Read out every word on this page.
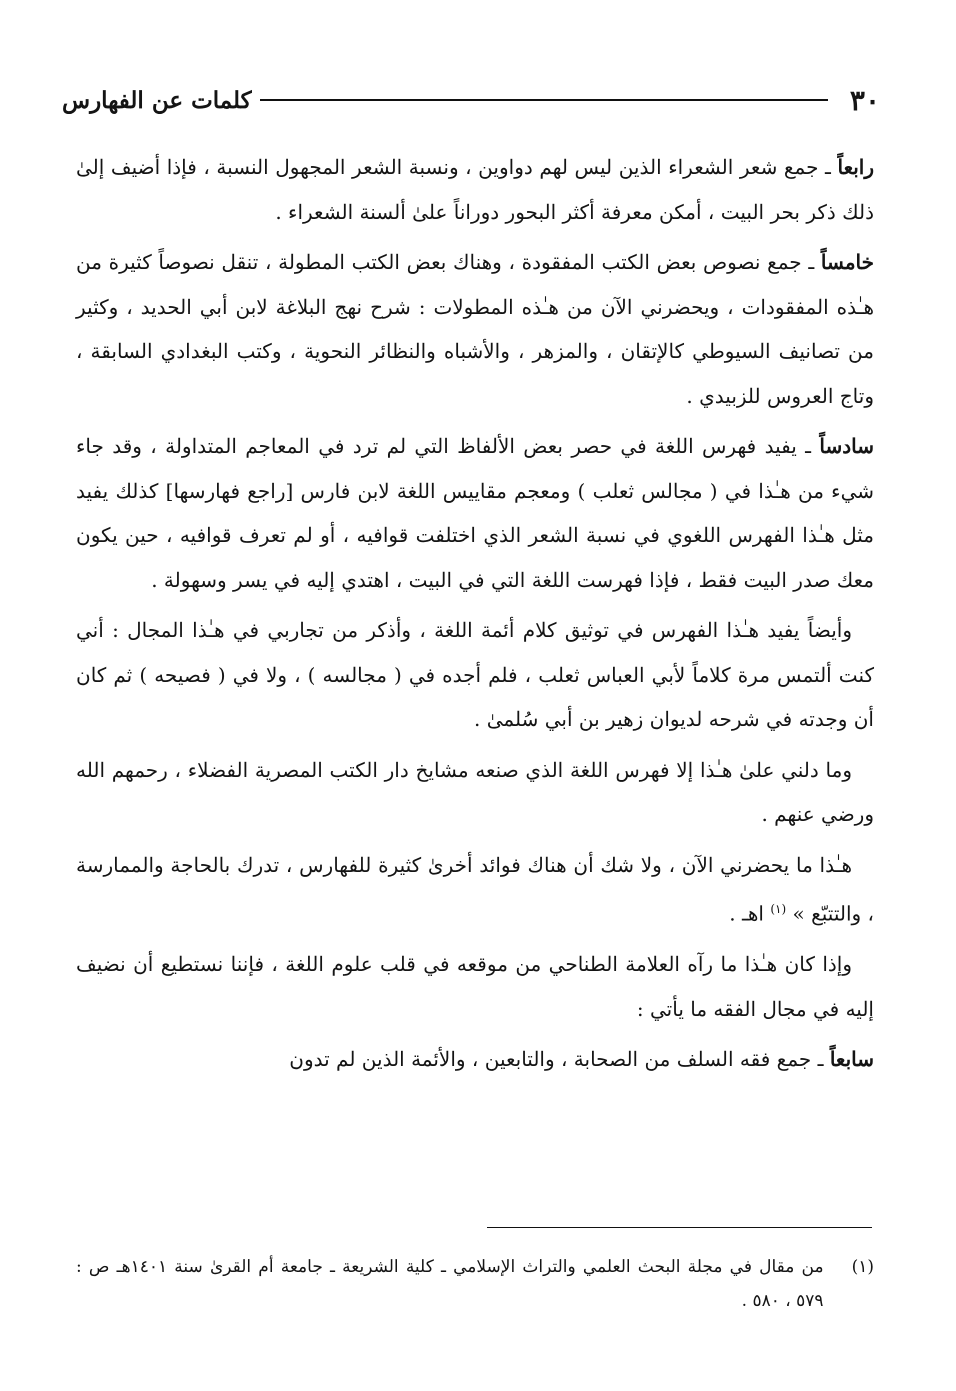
٣٠
كلمات عن الفهارس

رابعاً ـ جمع شعر الشعراء الذين ليس لهم دواوين ، ونسبة الشعر المجهول النسبة ، فإذا أضيف إلىٰ ذلك ذكر بحر البيت ، أمكن معرفة أكثر البحور دوراناً علىٰ ألسنة الشعراء .

خامساً ـ جمع نصوص بعض الكتب المفقودة ، وهناك بعض الكتب المطولة ، تنقل نصوصاً كثيرة من هـٰذه المفقودات ، ويحضرني الآن من هـٰذه المطولات : شرح نهج البلاغة لابن أبي الحديد ، وكثير من تصانيف السيوطي كالإتقان ، والمزهر ، والأشباه والنظائر النحوية ، وكتب البغدادي السابقة ، وتاج العروس للزبيدي .

سادساً ـ يفيد فهرس اللغة في حصر بعض الألفاظ التي لم ترد في المعاجم المتداولة ، وقد جاء شيء من هـٰذا في ( مجالس ثعلب ) ومعجم مقاييس اللغة لابن فارس [راجع فهارسها] كذلك يفيد مثل هـٰذا الفهرس اللغوي في نسبة الشعر الذي اختلفت قوافيه ، أو لم تعرف قوافيه ، حين يكون معك صدر البيت فقط ، فإذا فهرست اللغة التي في البيت ، اهتدي إليه في يسر وسهولة .

وأيضاً يفيد هـٰذا الفهرس في توثيق كلام أئمة اللغة ، وأذكر من تجاربي في هـٰذا المجال : أني كنت ألتمس مرة كلاماً لأبي العباس ثعلب ، فلم أجده في ( مجالسه ) ، ولا في ( فصيحه ) ثم كان أن وجدته في شرحه لديوان زهير بن أبي سُلمىٰ .

وما دلني علىٰ هـٰذا إلا فهرس اللغة الذي صنعه مشايخ دار الكتب المصرية الفضلاء ، رحمهم الله ورضي عنهم .

هـٰذا ما يحضرني الآن ، ولا شك أن هناك فوائد أخرىٰ كثيرة للفهارس ، تدرك بالحاجة والممارسة ، والتتبّع » $^{(١)}$ اهـ .

وإذا كان هـٰذا ما رآه العلامة الطناحي من موقعه في قلب علوم اللغة ، فإننا نستطيع أن نضيف إليه في مجال الفقه ما يأتي :

سابعاً ـ جمع فقه السلف من الصحابة ، والتابعين ، والأئمة الذين لم تدون

(١)
من مقال في مجلة البحث العلمي والتراث الإسلامي ـ كلية الشريعة ـ جامعة أم القرىٰ سنة ١٤٠١هـ ص : ٥٧٩ ، ٥٨٠ .
